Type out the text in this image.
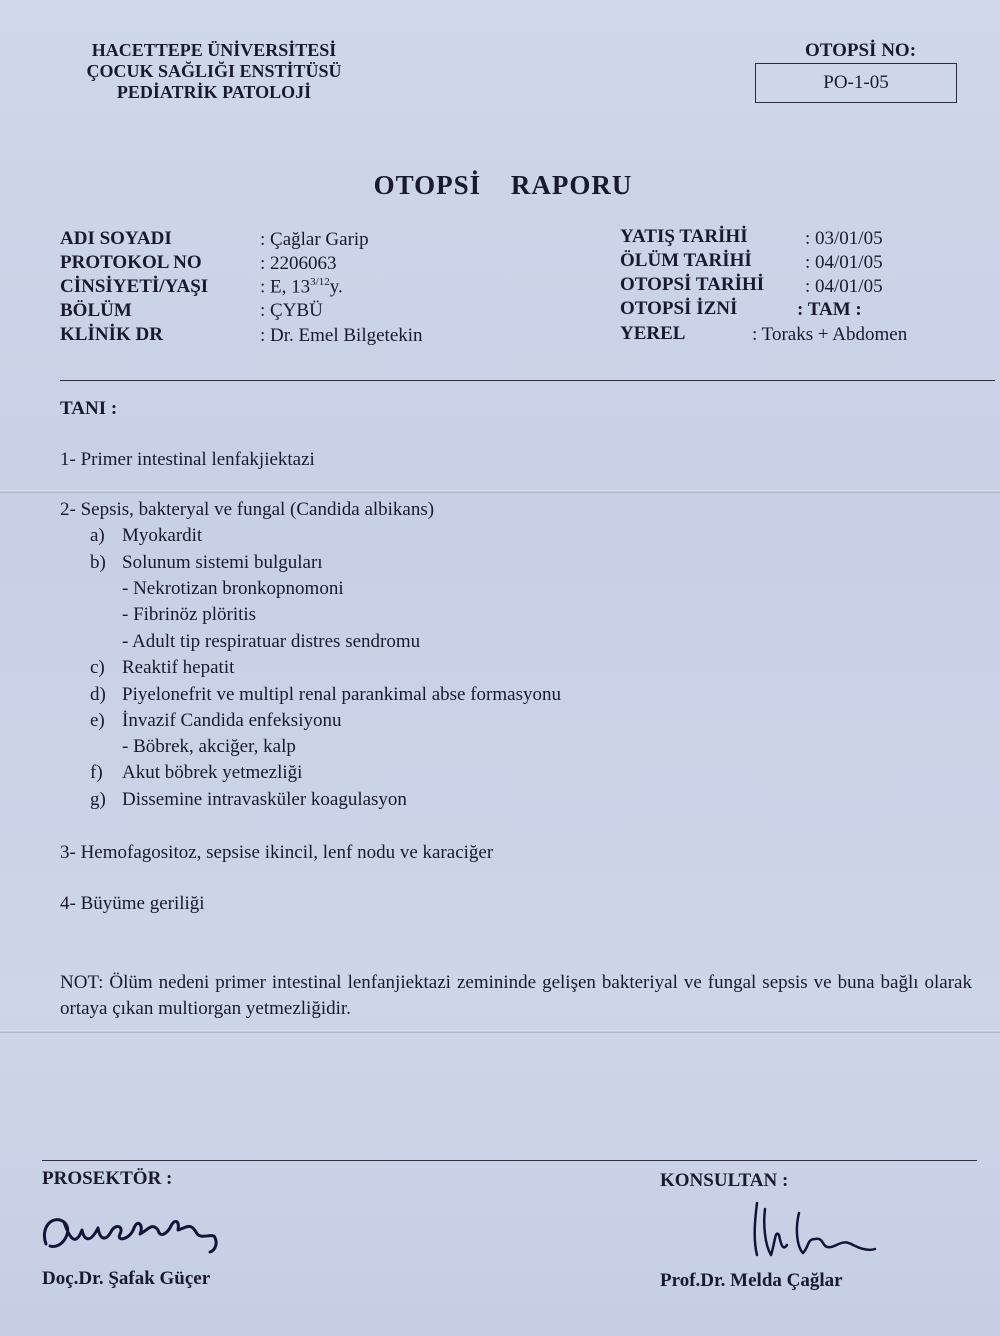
HACETTEPE ÜNİVERSİTESİ
ÇOCUK SAĞLIĞI ENSTİTÜSÜ
PEDİATRİK PATOLOJİ
OTOPSİ NO:
PO-1-05
OTOPSİ RAPORU
ADI SOYADI	: Çağlar Garip
PROTOKOL NO	: 2206063
CİNSİYETİ/YAŞI	: E, $13^{3/12}y$.
BÖLÜM	: ÇYBÜ
KLİNİK DR	: Dr. Emel Bilgetekin
YATIŞ TARİHİ	: 03/01/05
ÖLÜM TARİHİ	: 04/01/05
OTOPSİ TARİHİ : 04/01/05
OTOPSİ İZNİ	: TAM :
YEREL	: Toraks + Abdomen
TANI :
1- Primer intestinal lenfakjiektazi
2- Sepsis, bakteryal ve fungal (Candida albikans)
a) Myokardit
b) Solunum sistemi bulguları
- Nekrotizan bronkopnomoni
- Fibrinöz plöritis
- Adult tip respiratuar distres sendromu
c) Reaktif hepatit
d) Piyelonefrit ve multipl renal parankimal abse formasyonu
e) İnvazif Candida enfeksiyonu
- Böbrek, akciğer, kalp
f) Akut böbrek yetmezliği
g) Dissemine intravasküler koagulasyon
3- Hemofagositoz, sepsise ikincil, lenf nodu ve karaciğer
4- Büyüme geriliği
NOT: Ölüm nedeni primer intestinal lenfanjiektazi zemininde gelişen bakteriyal ve fungal sepsis ve buna bağlı olarak ortaya çıkan multiorgan yetmezliğidir.
PROSEKTÖR :
Doç.Dr. Şafak Güçer
KONSULTAN :
Prof.Dr. Melda Çağlar
